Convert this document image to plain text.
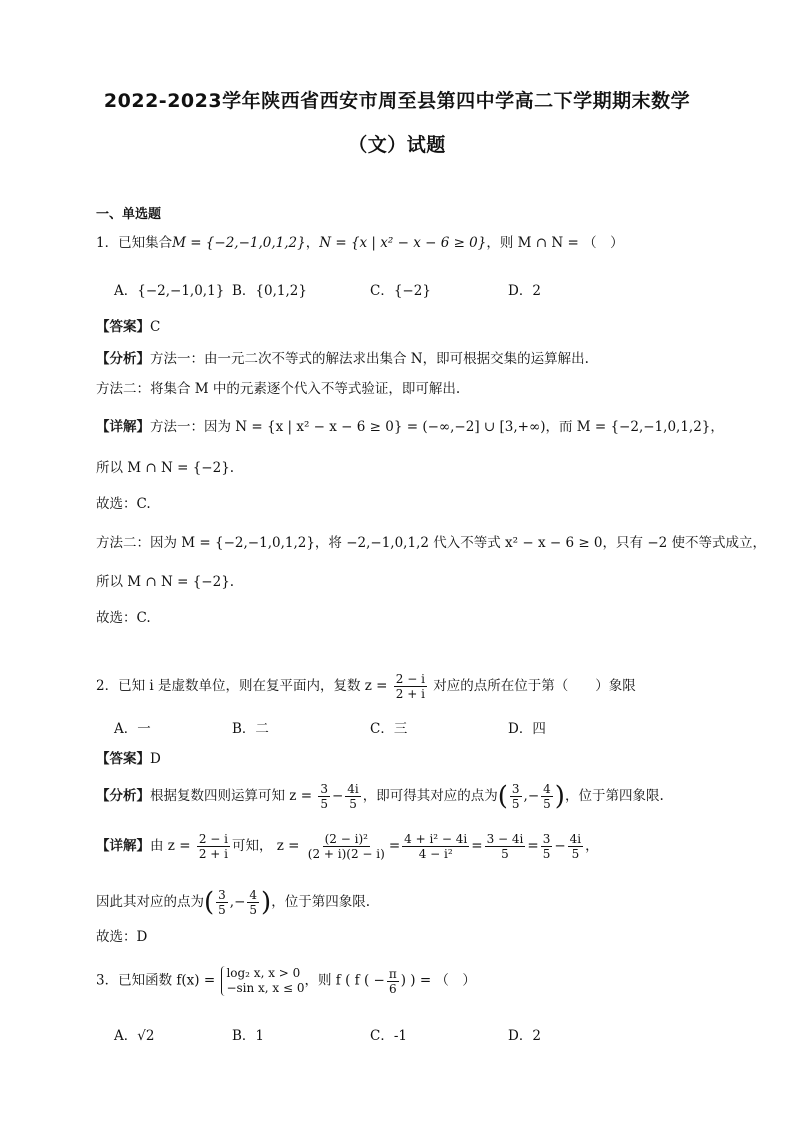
2022-2023学年陕西省西安市周至县第四中学高二下学期期末数学
（文）试题
一、单选题
1．已知集合M = {−2,−1,0,1,2}，N = {x | x² − x − 6 ≥ 0}，则 M ∩ N = （　）
A．{−2,−1,0,1} B．{0,1,2}	C．{−2}	D．2
【答案】C
【分析】方法一：由一元二次不等式的解法求出集合 N，即可根据交集的运算解出.
方法二：将集合 M 中的元素逐个代入不等式验证，即可解出.
【详解】方法一：因为 N = {x | x² − x − 6 ≥ 0} = (−∞,−2] ∪ [3,+∞)，而 M = {−2,−1,0,1,2}，
所以 M ∩ N = {−2}.
故选：C.
方法二：因为 M = {−2,−1,0,1,2}，将 −2,−1,0,1,2 代入不等式 x² − x − 6 ≥ 0，只有 −2 使不等式成立，
所以 M ∩ N = {−2}.
故选：C.
2．已知 i 是虚数单位，则在复平面内，复数 $z = \frac{2 - i}{2 + i}$ 对应的点所在位于第（　　）象限
A．一	B．二	C．三	D．四
【答案】D
【分析】根据复数四则运算可知 $z = \frac{3}{5} - \frac{4i}{5}$ ，即可得其对应的点为( $\frac{3}{5}$ ,− $\frac{4}{5}$ )，位于第四象限.
【详解】由 $z = \frac{2 - i}{2 + i}$ 可知， $z = \frac{\text{(2 − i)²}}{(2 + i)(2 - i)} = \frac{\text{4 + i² − 4i}}{\text{4 − i²}} = \frac{3 - 4i}{5} = \frac{3}{5} - \frac{4i}{5}$ ，
因此其对应的点为( $\frac{3}{5}$ ,− $\frac{4}{5}$ )，位于第四象限.
故选：D
3．已知函数 f(x) = log₂ x, x > 0
−sin x, x ≤ 0 ，则 f ( f ( − $\frac{\pi}{6}$ ) ) = （　）
A．√2	B．1	C．-1	D．2
